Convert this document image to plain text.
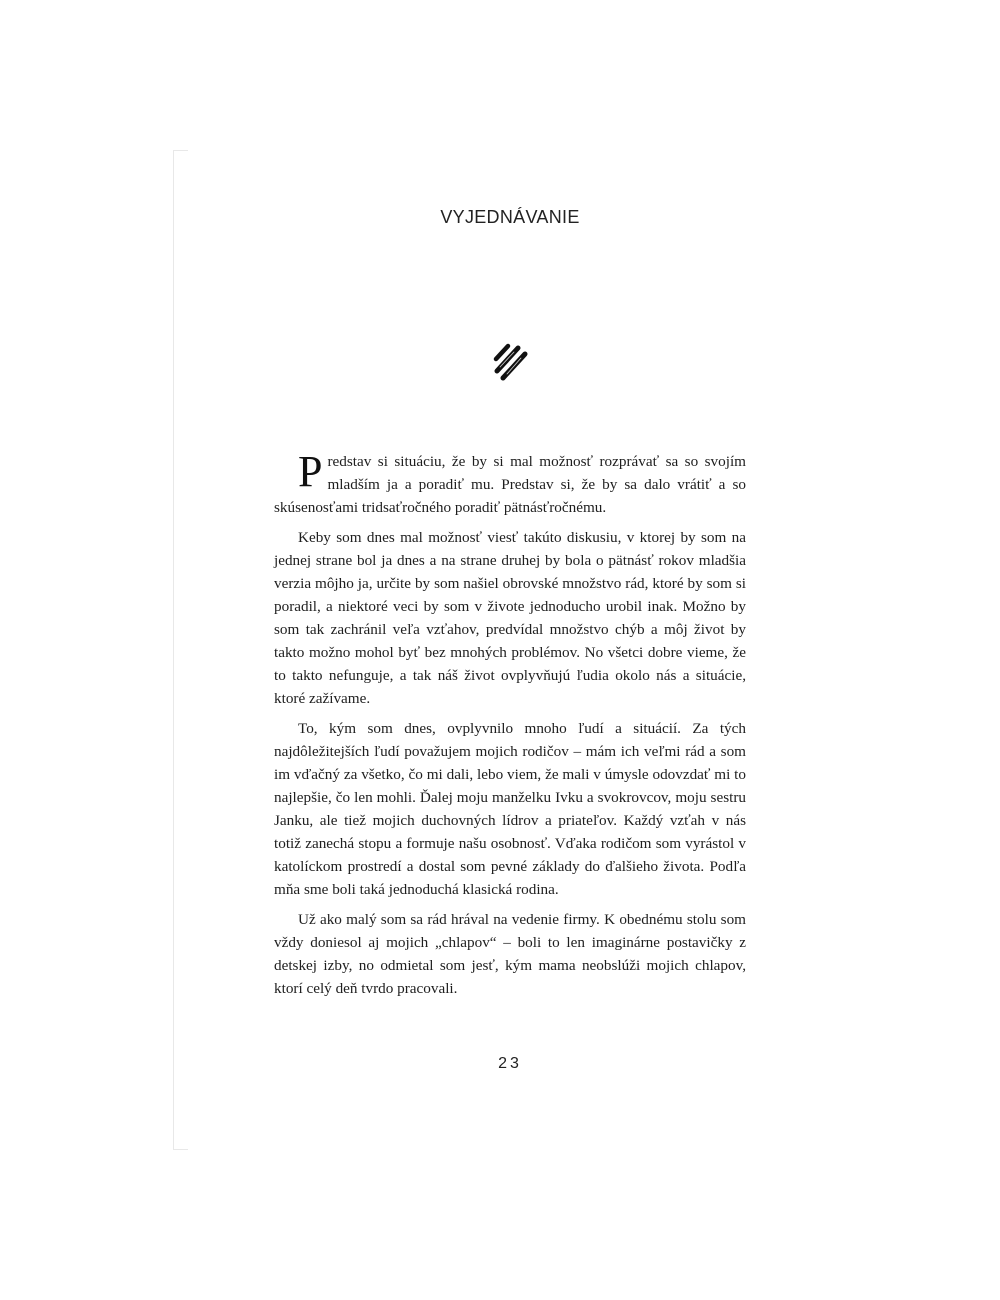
VYJEDNÁVANIE

Predstav si situáciu, že by si mal možnosť rozprávať sa so svojím mladším ja a poradiť mu. Predstav si, že by sa dalo vrátiť a so skúsenosťami tridsaťročného poradiť pätnásťročnému.

Keby som dnes mal možnosť viesť takúto diskusiu, v ktorej by som na jednej strane bol ja dnes a na strane druhej by bola o pätnásť rokov mladšia verzia môjho ja, určite by som našiel obrovské množstvo rád, ktoré by som si poradil, a niektoré veci by som v živote jednoducho urobil inak. Možno by som tak zachránil veľa vzťahov, predvídal množstvo chýb a môj život by takto možno mohol byť bez mnohých problémov. No všetci dobre vieme, že to takto nefunguje, a tak náš život ovplyvňujú ľudia okolo nás a situácie, ktoré zažívame.

To, kým som dnes, ovplyvnilo mnoho ľudí a situácií. Za tých najdôležitejších ľudí považujem mojich rodičov – mám ich veľmi rád a som im vďačný za všetko, čo mi dali, lebo viem, že mali v úmysle odovzdať mi to najlepšie, čo len mohli. Ďalej moju manželku Ivku a svokrovcov, moju sestru Janku, ale tiež mojich duchovných lídrov a priateľov. Každý vzťah v nás totiž zanechá stopu a formuje našu osobnosť. Vďaka rodičom som vyrástol v katolíckom prostredí a dostal som pevné základy do ďalšieho života. Podľa mňa sme boli taká jednoduchá klasická rodina.

Už ako malý som sa rád hrával na vedenie firmy. K obednému stolu som vždy doniesol aj mojich „chlapov“ – boli to len imaginárne postavičky z detskej izby, no odmietal som jesť, kým mama neobslúži mojich chlapov, ktorí celý deň tvrdo pracovali.

23
